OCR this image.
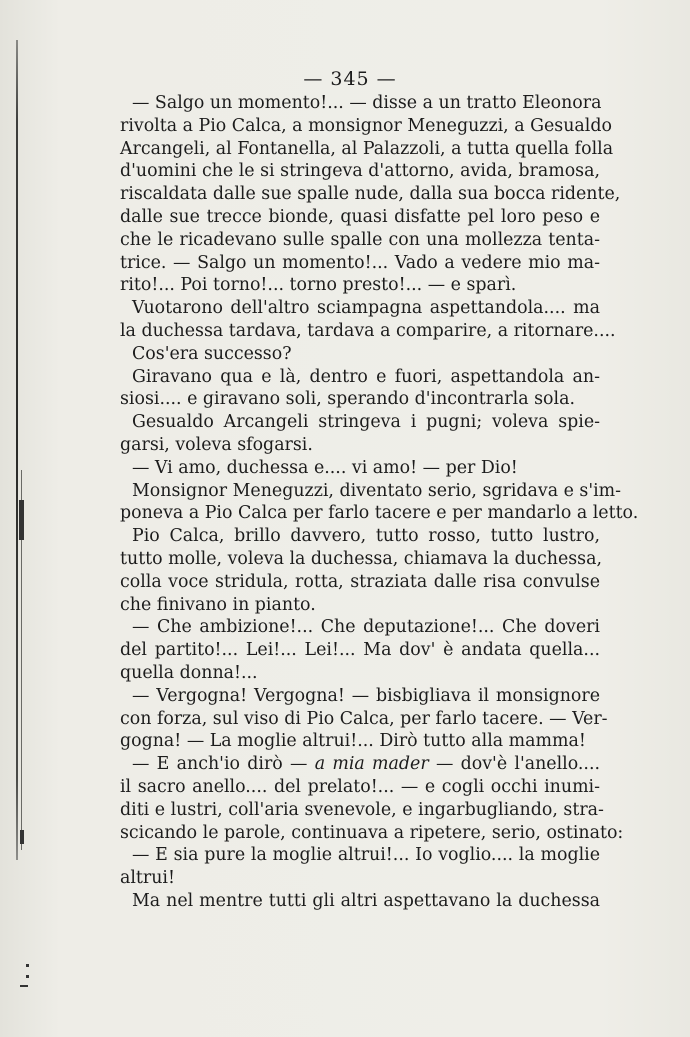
— 345 —
— Salgo un momento!... — disse a un tratto Eleonora
rivolta a Pio Calca, a monsignor Meneguzzi, a Gesualdo
Arcangeli, al Fontanella, al Palazzoli, a tutta quella folla
d'uomini che le si stringeva d'attorno, avida, bramosa,
riscaldata dalle sue spalle nude, dalla sua bocca ridente,
dalle sue trecce bionde, quasi disfatte pel loro peso e
che le ricadevano sulle spalle con una mollezza tenta-
trice. — Salgo un momento!... Vado a vedere mio ma-
rito!... Poi torno!... torno presto!... — e sparì.
Vuotarono dell'altro sciampagna aspettandola.... ma
la duchessa tardava, tardava a comparire, a ritornare....
Cos'era successo?
Giravano qua e là, dentro e fuori, aspettandola an-
siosi.... e giravano soli, sperando d'incontrarla sola.
Gesualdo Arcangeli stringeva i pugni; voleva spie-
garsi, voleva sfogarsi.
— Vi amo, duchessa e.... vi amo! — per Dio!
Monsignor Meneguzzi, diventato serio, sgridava e s'im-
poneva a Pio Calca per farlo tacere e per mandarlo a letto.
Pio Calca, brillo davvero, tutto rosso, tutto lustro,
tutto molle, voleva la duchessa, chiamava la duchessa,
colla voce stridula, rotta, straziata dalle risa convulse
che finivano in pianto.
— Che ambizione!... Che deputazione!... Che doveri
del partito!... Lei!... Lei!... Ma dov' è andata quella...
quella donna!...
— Vergogna! Vergogna! — bisbigliava il monsignore
con forza, sul viso di Pio Calca, per farlo tacere. — Ver-
gogna! — La moglie altrui!... Dirò tutto alla mamma!
— E anch'io dirò — a mia mader — dov'è l'anello....
il sacro anello.... del prelato!... — e cogli occhi inumi-
diti e lustri, coll'aria svenevole, e ingarbugliando, stra-
scicando le parole, continuava a ripetere, serio, ostinato:
— E sia pure la moglie altrui!... Io voglio.... la moglie
altrui!
Ma nel mentre tutti gli altri aspettavano la duchessa
